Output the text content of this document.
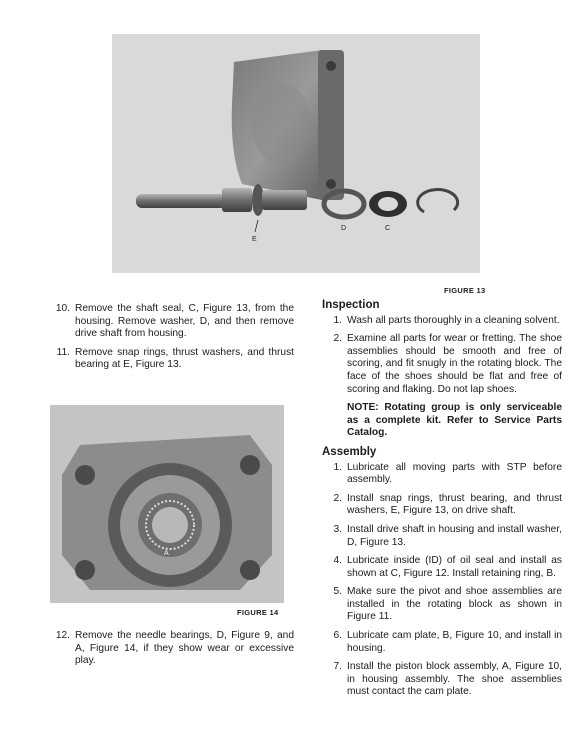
D	C
E
FIGURE 13
10. Remove the shaft seal, C, Figure 13, from the housing. Remove washer, D, and then remove drive shaft from housing.
11. Remove snap rings, thrust washers, and thrust bearing at E, Figure 13.
A
FIGURE 14
12. Remove the needle bearings, D, Figure 9, and A, Figure 14, if they show wear or excessive play.
Inspection
1. Wash all parts thoroughly in a cleaning solvent.
2. Examine all parts for wear or fretting. The shoe assemblies should be smooth and free of scoring, and fit snugly in the rotating block. The face of the shoes should be flat and free of scoring and flaking. Do not lap shoes.
NOTE: Rotating group is only serviceable as a complete kit. Refer to Service Parts Catalog.
Assembly
1. Lubricate all moving parts with STP before assembly.
2. Install snap rings, thrust bearing, and thrust washers, E, Figure 13, on drive shaft.
3. Install drive shaft in housing and install washer, D, Figure 13.
4. Lubricate inside (ID) of oil seal and install as shown at C, Figure 12. Install retaining ring, B.
5. Make sure the pivot and shoe assemblies are installed in the rotating block as shown in Figure 11.
6. Lubricate cam plate, B, Figure 10, and install in housing.
7. Install the piston block assembly, A, Figure 10, in housing assembly. The shoe assemblies must contact the cam plate.
